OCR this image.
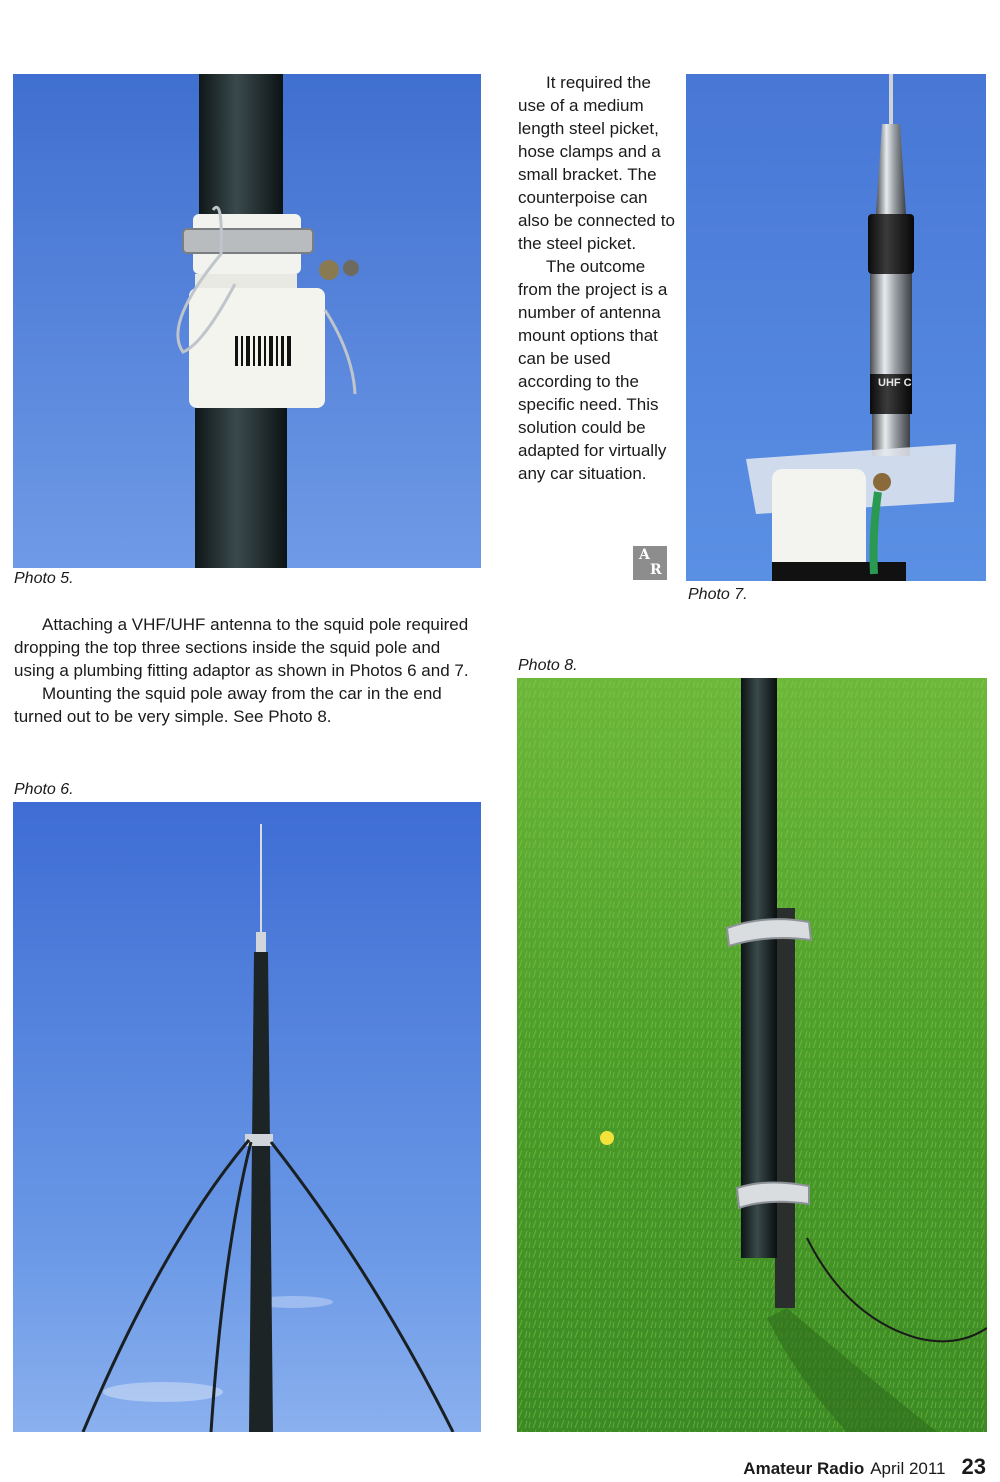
Photo 5.

It required the use of a medium length steel picket, hose clamps and a small bracket. The counterpoise can also be connected to the steel picket.

The outcome from the project is a number of antenna mount options that can be used according to the specific need. This solution could be adapted for virtually any car situation.

A
R
UHF C

Photo 7.

Attaching a VHF/UHF antenna to the squid pole required dropping the top three sections inside the squid pole and using a plumbing fitting adaptor as shown in Photos 6 and 7.

Mounting the squid pole away from the car in the end turned out to be very simple. See Photo 8.

Photo 8.

Photo 6.

Amateur Radio April 2011 23
